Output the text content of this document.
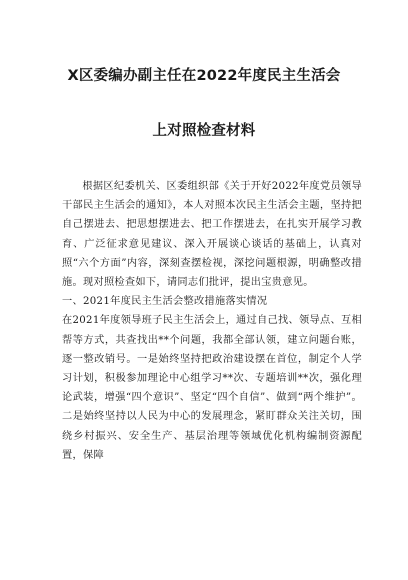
X区委编办副主任在2022年度民主生活会
上对照检查材料

根据区纪委机关、区委组织部《关于开好2022年度党员领导干部民主生活会的通知》，本人对照本次民主生活会主题，坚持把自己摆进去、把思想摆进去、把工作摆进去，在扎实开展学习教育、广泛征求意见建议、深入开展谈心谈话的基础上，认真对照“六个方面”内容，深刻查摆检视，深挖问题根源，明确整改措施。现对照检查如下，请同志们批评，提出宝贵意见。

一、2021年度民主生活会整改措施落实情况

在2021年度领导班子民主生活会上，通过自己找、领导点、互相帮等方式，共查找出**个问题，我都全部认领，建立问题台账，逐一整改销号。一是始终坚持把政治建设摆在首位，制定个人学习计划，积极参加理论中心组学习**次、专题培训**次，强化理论武装，增强“四个意识”、坚定“四个自信”、做到“两个维护”。二是始终坚持以人民为中心的发展理念，紧盯群众关注关切，围绕乡村振兴、安全生产、基层治理等领域优化机构编制资源配置，保障
